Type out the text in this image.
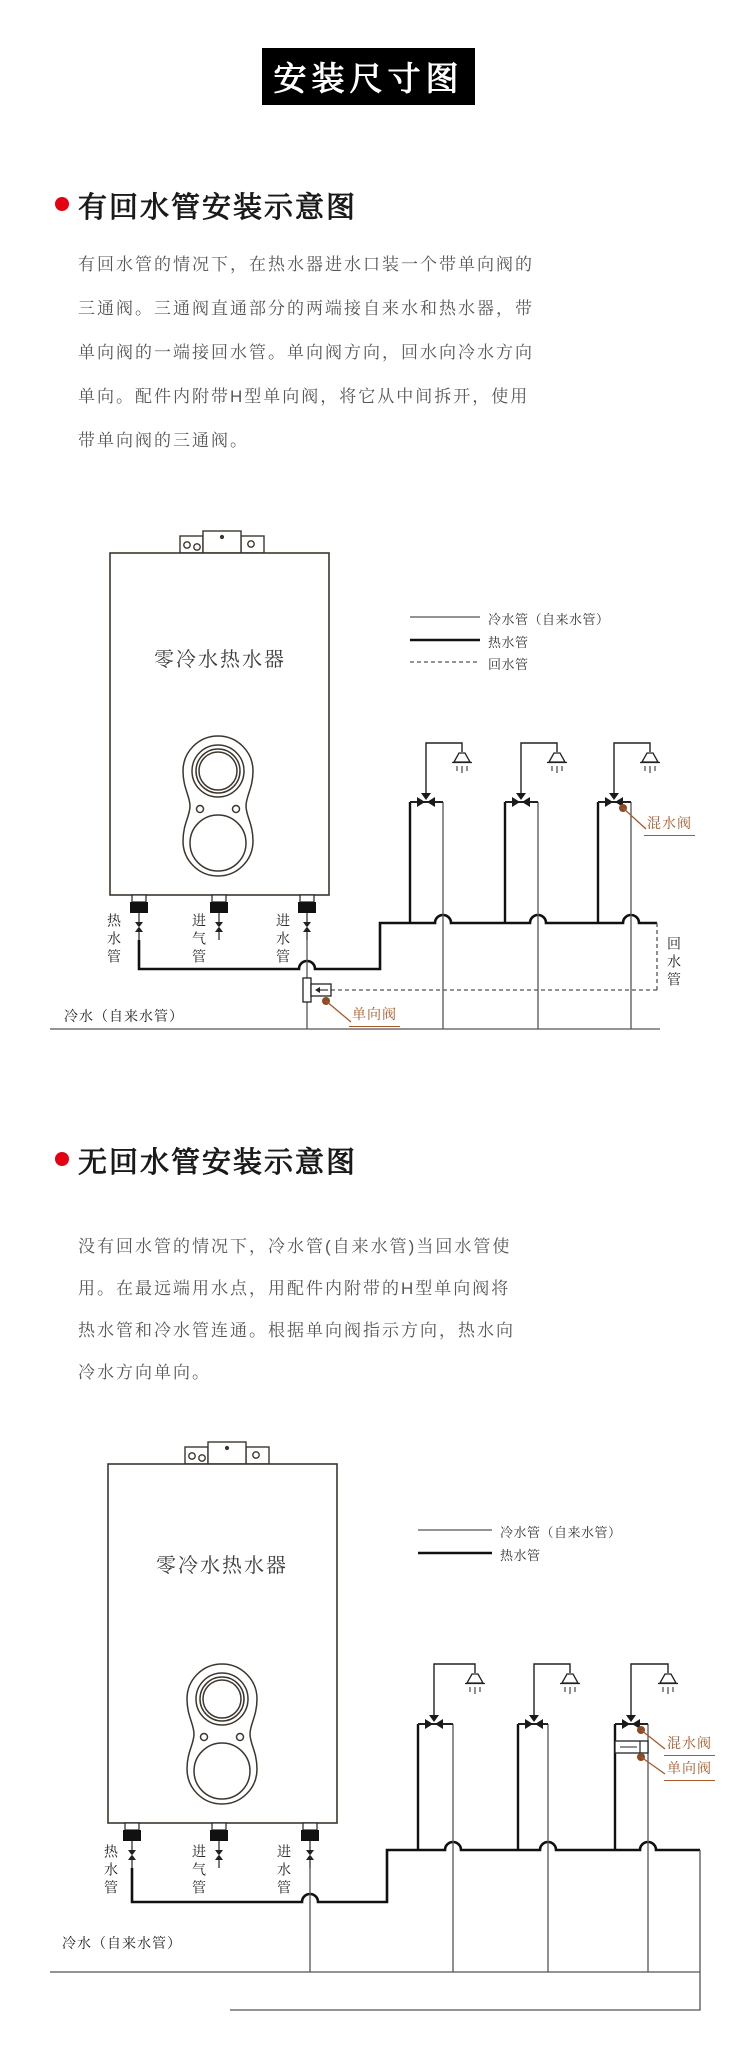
安装尺寸图
有回水管安装示意图
有回水管的情况下，在热水器进水口装一个带单向阀的
三通阀。三通阀直通部分的两端接自来水和热水器，带
单向阀的一端接回水管。单向阀方向，回水向冷水方向
单向。配件内附带H型单向阀，将它从中间拆开，使用
带单向阀的三通阀。
零冷水热水器
冷水管（自来水管）
热水管
回水管
热水管	进气管	进水管	回水管
冷水（自来水管）
混水阀
单向阀
无回水管安装示意图
没有回水管的情况下，冷水管(自来水管)当回水管使
用。在最远端用水点，用配件内附带的H型单向阀将
热水管和冷水管连通。根据单向阀指示方向，热水向
冷水方向单向。
零冷水热水器
冷水管（自来水管）
热水管
热水管	进气管	进水管
冷水（自来水管）
混水阀
单向阀
